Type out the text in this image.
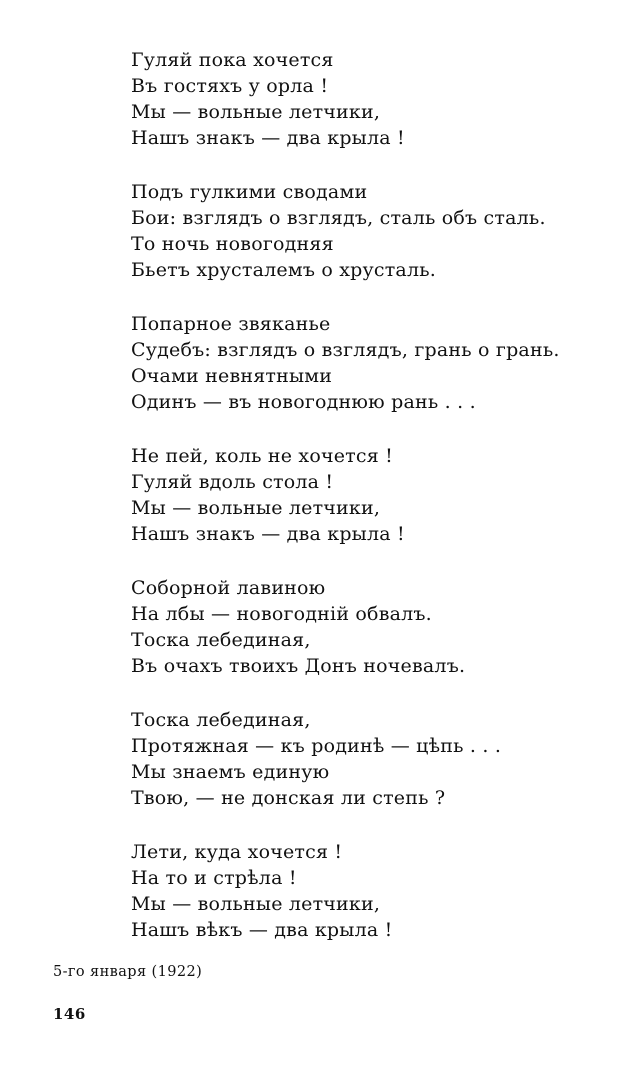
Гуляй пока хочется
Въ гостяхъ у орла !
Мы — вольные летчики,
Нашъ знакъ — два крыла !
Подъ гулкими сводами
Бои: взглядъ о взглядъ, сталь объ сталь.
То ночь новогодняя
Бьетъ хрусталемъ о хрусталь.
Попарное звяканье
Судебъ: взглядъ о взглядъ, грань о грань.
Очами невнятными
Одинъ — въ новогоднюю рань . . .
Не пей, коль не хочется !
Гуляй вдоль стола !
Мы — вольные летчики,
Нашъ знакъ — два крыла !
Соборной лавиною
На лбы — новогоднiй обвалъ.
Тоска лебединая,
Въ очахъ твоихъ Донъ ночевалъ.
Тоска лебединая,
Протяжная — къ родинѣ — цѣпь . . .
Мы знаемъ единую
Твою, — не донская ли степь ?
Лети, куда хочется !
На то и стрѣла !
Мы — вольные летчики,
Нашъ вѣкъ — два крыла !
5-го января (1922)
146
